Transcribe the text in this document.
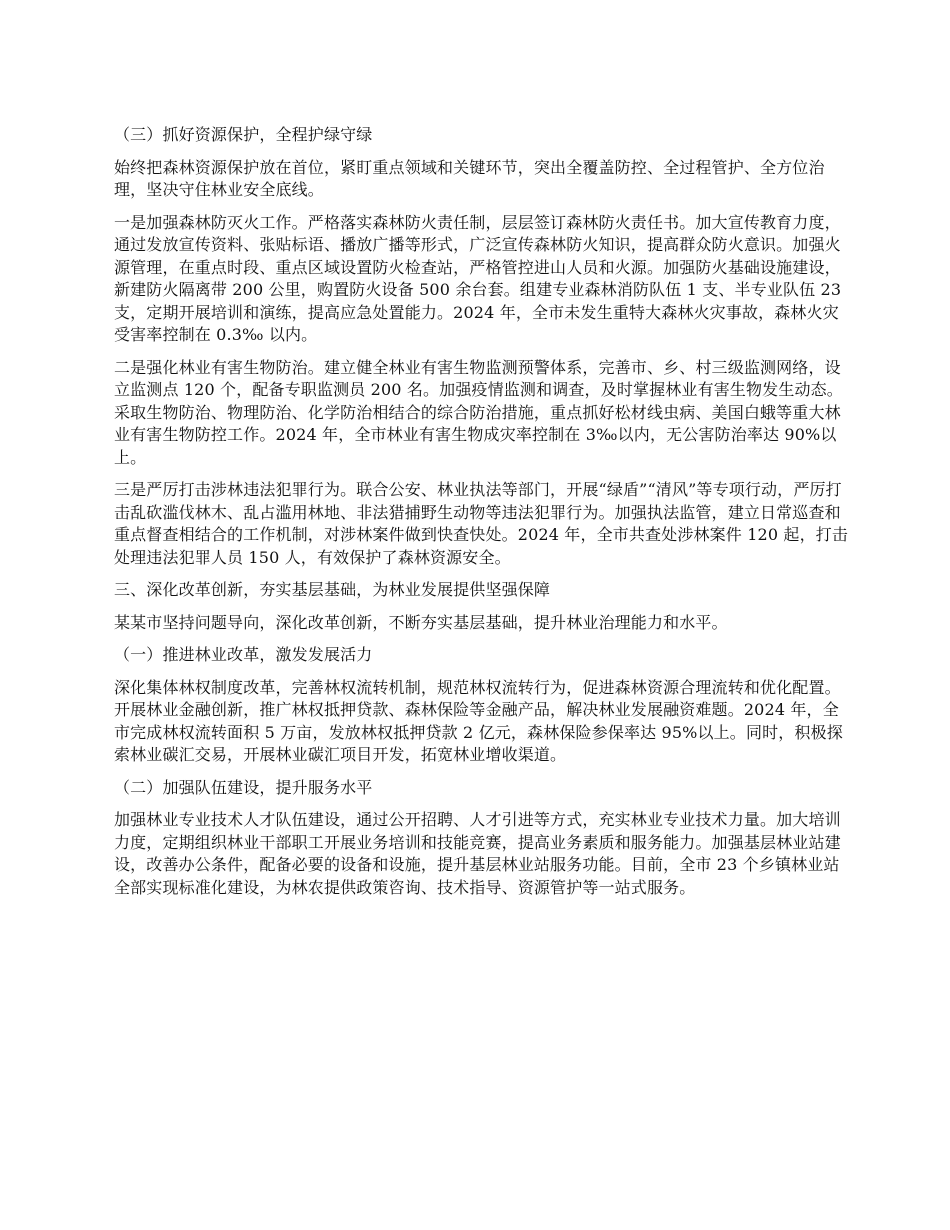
（三）抓好资源保护，全程护绿守绿

始终把森林资源保护放在首位，紧盯重点领域和关键环节，突出全覆盖防控、全过程管护、全方位治理，坚决守住林业安全底线。

一是加强森林防灭火工作。严格落实森林防火责任制，层层签订森林防火责任书。加大宣传教育力度，通过发放宣传资料、张贴标语、播放广播等形式，广泛宣传森林防火知识，提高群众防火意识。加强火源管理，在重点时段、重点区域设置防火检查站，严格管控进山人员和火源。加强防火基础设施建设，新建防火隔离带 200 公里，购置防火设备 500 余台套。组建专业森林消防队伍 1 支、半专业队伍 23 支，定期开展培训和演练，提高应急处置能力。2024 年，全市未发生重特大森林火灾事故，森林火灾受害率控制在 0.3‰ 以内。

二是强化林业有害生物防治。建立健全林业有害生物监测预警体系，完善市、乡、村三级监测网络，设立监测点 120 个，配备专职监测员 200 名。加强疫情监测和调查，及时掌握林业有害生物发生动态。采取生物防治、物理防治、化学防治相结合的综合防治措施，重点抓好松材线虫病、美国白蛾等重大林业有害生物防控工作。2024 年，全市林业有害生物成灾率控制在 3‰以内，无公害防治率达 90%以上。

三是严厉打击涉林违法犯罪行为。联合公安、林业执法等部门，开展“绿盾”“清风”等专项行动，严厉打击乱砍滥伐林木、乱占滥用林地、非法猎捕野生动物等违法犯罪行为。加强执法监管，建立日常巡查和重点督查相结合的工作机制，对涉林案件做到快查快处。2024 年，全市共查处涉林案件 120 起，打击处理违法犯罪人员 150 人，有效保护了森林资源安全。

三、深化改革创新，夯实基层基础，为林业发展提供坚强保障

某某市坚持问题导向，深化改革创新，不断夯实基层基础，提升林业治理能力和水平。

（一）推进林业改革，激发发展活力

深化集体林权制度改革，完善林权流转机制，规范林权流转行为，促进森林资源合理流转和优化配置。开展林业金融创新，推广林权抵押贷款、森林保险等金融产品，解决林业发展融资难题。2024 年，全市完成林权流转面积 5 万亩，发放林权抵押贷款 2 亿元，森林保险参保率达 95%以上。同时，积极探索林业碳汇交易，开展林业碳汇项目开发，拓宽林业增收渠道。

（二）加强队伍建设，提升服务水平

加强林业专业技术人才队伍建设，通过公开招聘、人才引进等方式，充实林业专业技术力量。加大培训力度，定期组织林业干部职工开展业务培训和技能竞赛，提高业务素质和服务能力。加强基层林业站建设，改善办公条件，配备必要的设备和设施，提升基层林业站服务功能。目前，全市 23 个乡镇林业站全部实现标准化建设，为林农提供政策咨询、技术指导、资源管护等一站式服务。
